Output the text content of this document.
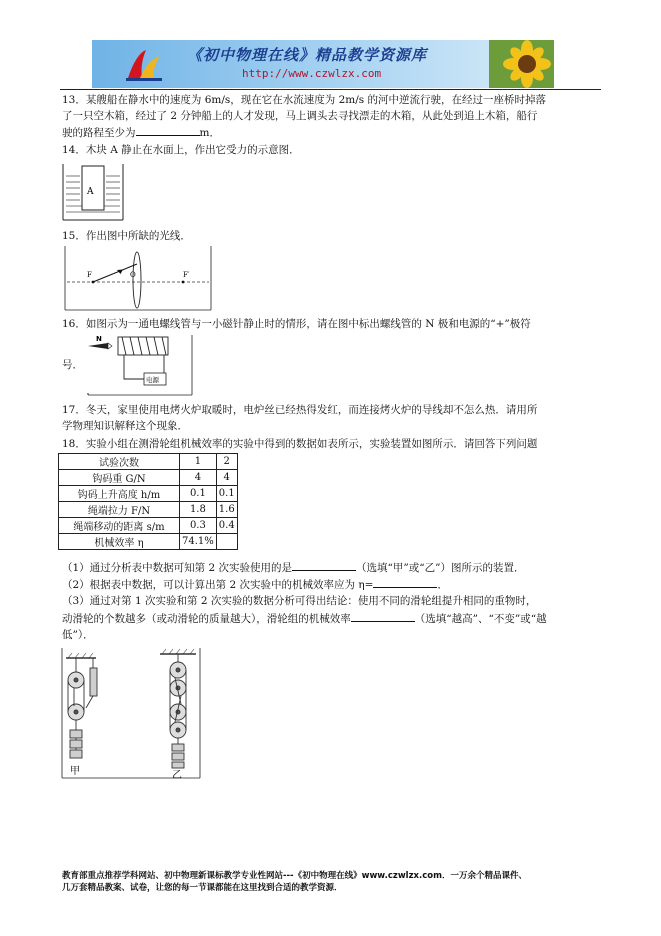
《初中物理在线》精品教学资源库
http://www.czwlzx.com
13．某艘船在静水中的速度为 6m/s，现在它在水流速度为 2m/s 的河中逆流行驶，在经过一座桥时掉落
了一只空木箱，经过了 2 分钟船上的人才发现，马上调头去寻找漂走的木箱，从此处到追上木箱，船行
驶的路程至少为	m．
14．木块 A 静止在水面上，作出它受力的示意图．
A
15．作出图中所缺的光线．
F	O	F′
16．如图示为一通电螺线管与一小磁针静止时的情形，请在图中标出螺线管的 N 极和电源的“+”极符
号．
N
电源
17．冬天，家里使用电烤火炉取暖时，电炉丝已经热得发红，而连接烤火炉的导线却不怎么热．请用所
学物理知识解释这个现象．
18．实验小组在测滑轮组机械效率的实验中得到的数据如表所示，实验装置如图所示．请回答下列问题
试验次数	1	2
钩码重 G/N	4	4
钩码上升高度 h/m	0.1	0.1
绳端拉力 F/N	1.8	1.6
绳端移动的距离 s/m	0.3	0.4
机械效率 η	74.1%	
（1）通过分析表中数据可知第 2 次实验使用的是	（选填“甲”或“乙”）图所示的装置．
（2）根据表中数据，可以计算出第 2 次实验中的机械效率应为 η=	．
（3）通过对第 1 次实验和第 2 次实验的数据分析可得出结论：使用不同的滑轮组提升相同的重物时，
动滑轮的个数越多（或动滑轮的质量越大），滑轮组的机械效率	（选填“越高”、“不变”或“越
低”）．
甲	乙
教育部重点推荐学科网站、初中物理新课标教学专业性网站---《初中物理在线》www.czwlzx.com．一万余个精品课件、
几万套精品教案、试卷，让您的每一节课都能在这里找到合适的教学资源．
